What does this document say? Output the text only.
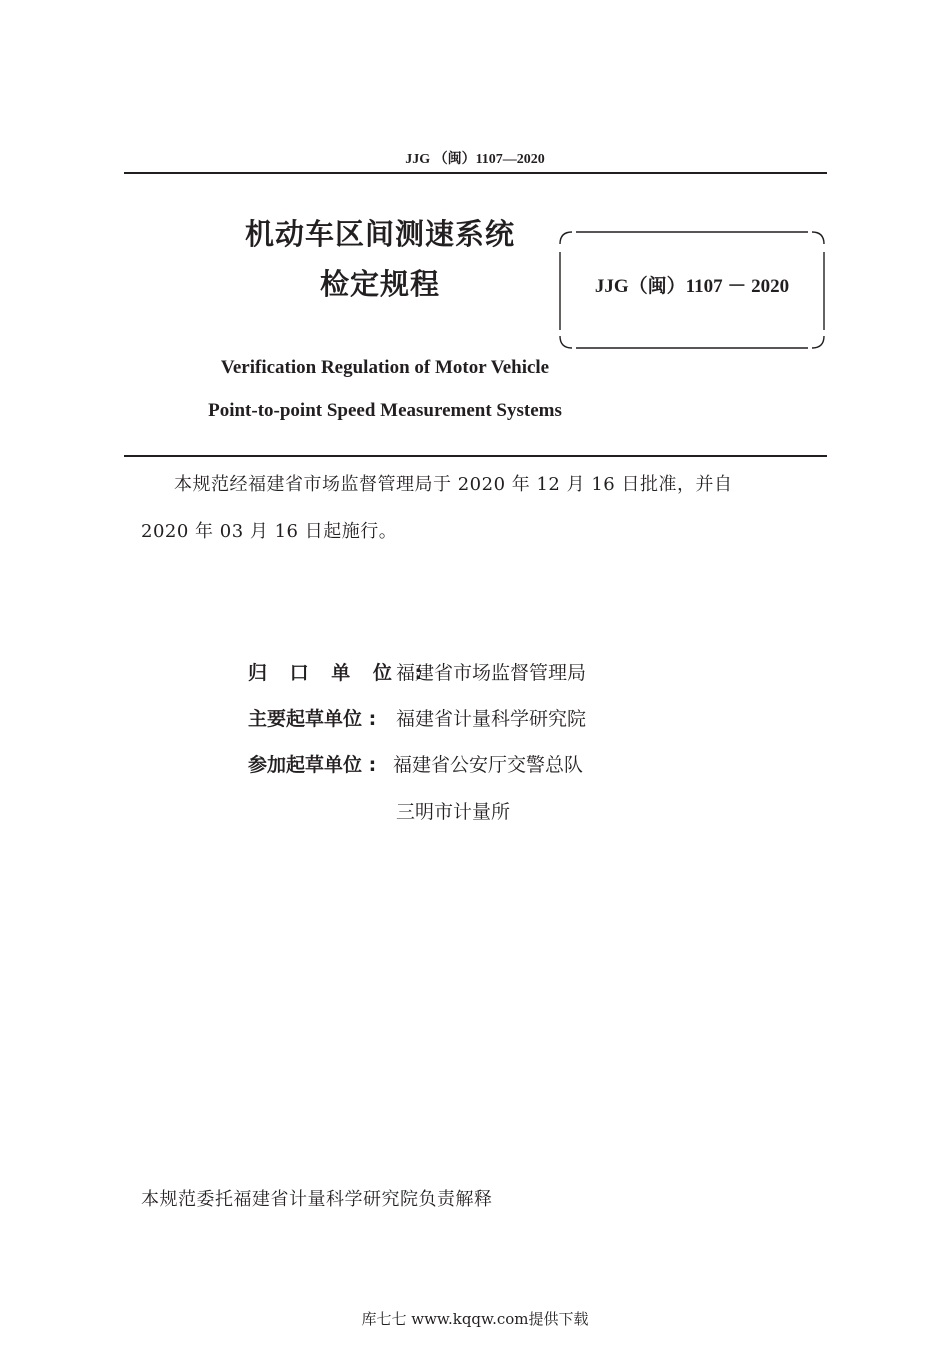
JJG （闽）1107—2020
机动车区间测速系统
检定规程	JJG（闽）1107 － 2020
Verification Regulation of Motor Vehicle
Point-to-point Speed Measurement Systems
本规范经福建省市场监督管理局于 2020 年 12 月 16 日批准，并自
2020 年 03 月 16 日起施行。
归 口 单 位 :
福建省市场监督管理局
主要起草单位 :	福建省计量科学研究院
参加起草单位 : 福建省公安厅交警总队
三明市计量所
本规范委托福建省计量科学研究院负责解释
库七七 www.kqqw.com提供下载
